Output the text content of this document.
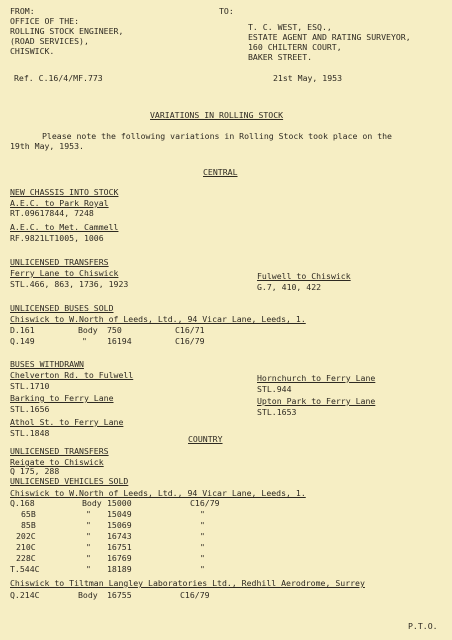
FROM:
OFFICE OF THE:
ROLLING STOCK ENGINEER,
(ROAD SERVICES),
CHISWICK.
TO:
T. C. WEST, ESQ.,
ESTATE AGENT AND RATING SURVEYOR,
160 CHILTERN COURT,
BAKER STREET.
Ref. C.16/4/MF.773	21st May, 1953
VARIATIONS IN ROLLING STOCK
Please note the following variations in Rolling Stock took place on the
19th May, 1953.
CENTRAL
NEW CHASSIS INTO STOCK
A.E.C. to Park Royal
RT.09617844, 7248
A.E.C. to Met. Cammell
RF.9821LT1005, 1006
UNLICENSED TRANSFERS
Ferry Lane to Chiswick
STL.466, 863, 1736, 1923
Fulwell to Chiswick
G.7, 410, 422
UNLICENSED BUSES SOLD
Chiswick to W.North of Leeds, Ltd., 94 Vicar Lane, Leeds, 1.
D.161	Body 750	C16/71
Q.149	" 16194	C16/79
BUSES WITHDRAWN
Chelverton Rd. to Fulwell
STL.1710
Hornchurch to Ferry Lane
STL.944
Barking to Ferry Lane
STL.1656
Upton Park to Ferry Lane
STL.1653
Athol St. to Ferry Lane
STL.1848
COUNTRY
UNLICENSED TRANSFERS
Reigate to Chiswick
Q 175, 288
UNLICENSED VEHICLES SOLD
Chiswick to W.North of Leeds, Ltd., 94 Vicar Lane, Leeds, 1.
Q.168	Body 15000	C16/79
65B	" 15049	"
85B	" 15069	"
202C	" 16743	"
210C	" 16751	"
228C	" 16769	"
T.544C	" 18189	"
Chiswick to Tiltman Langley Laboratories Ltd., Redhill Aerodrome, Surrey
Q.214C	Body 16755	C16/79
P.T.O.
